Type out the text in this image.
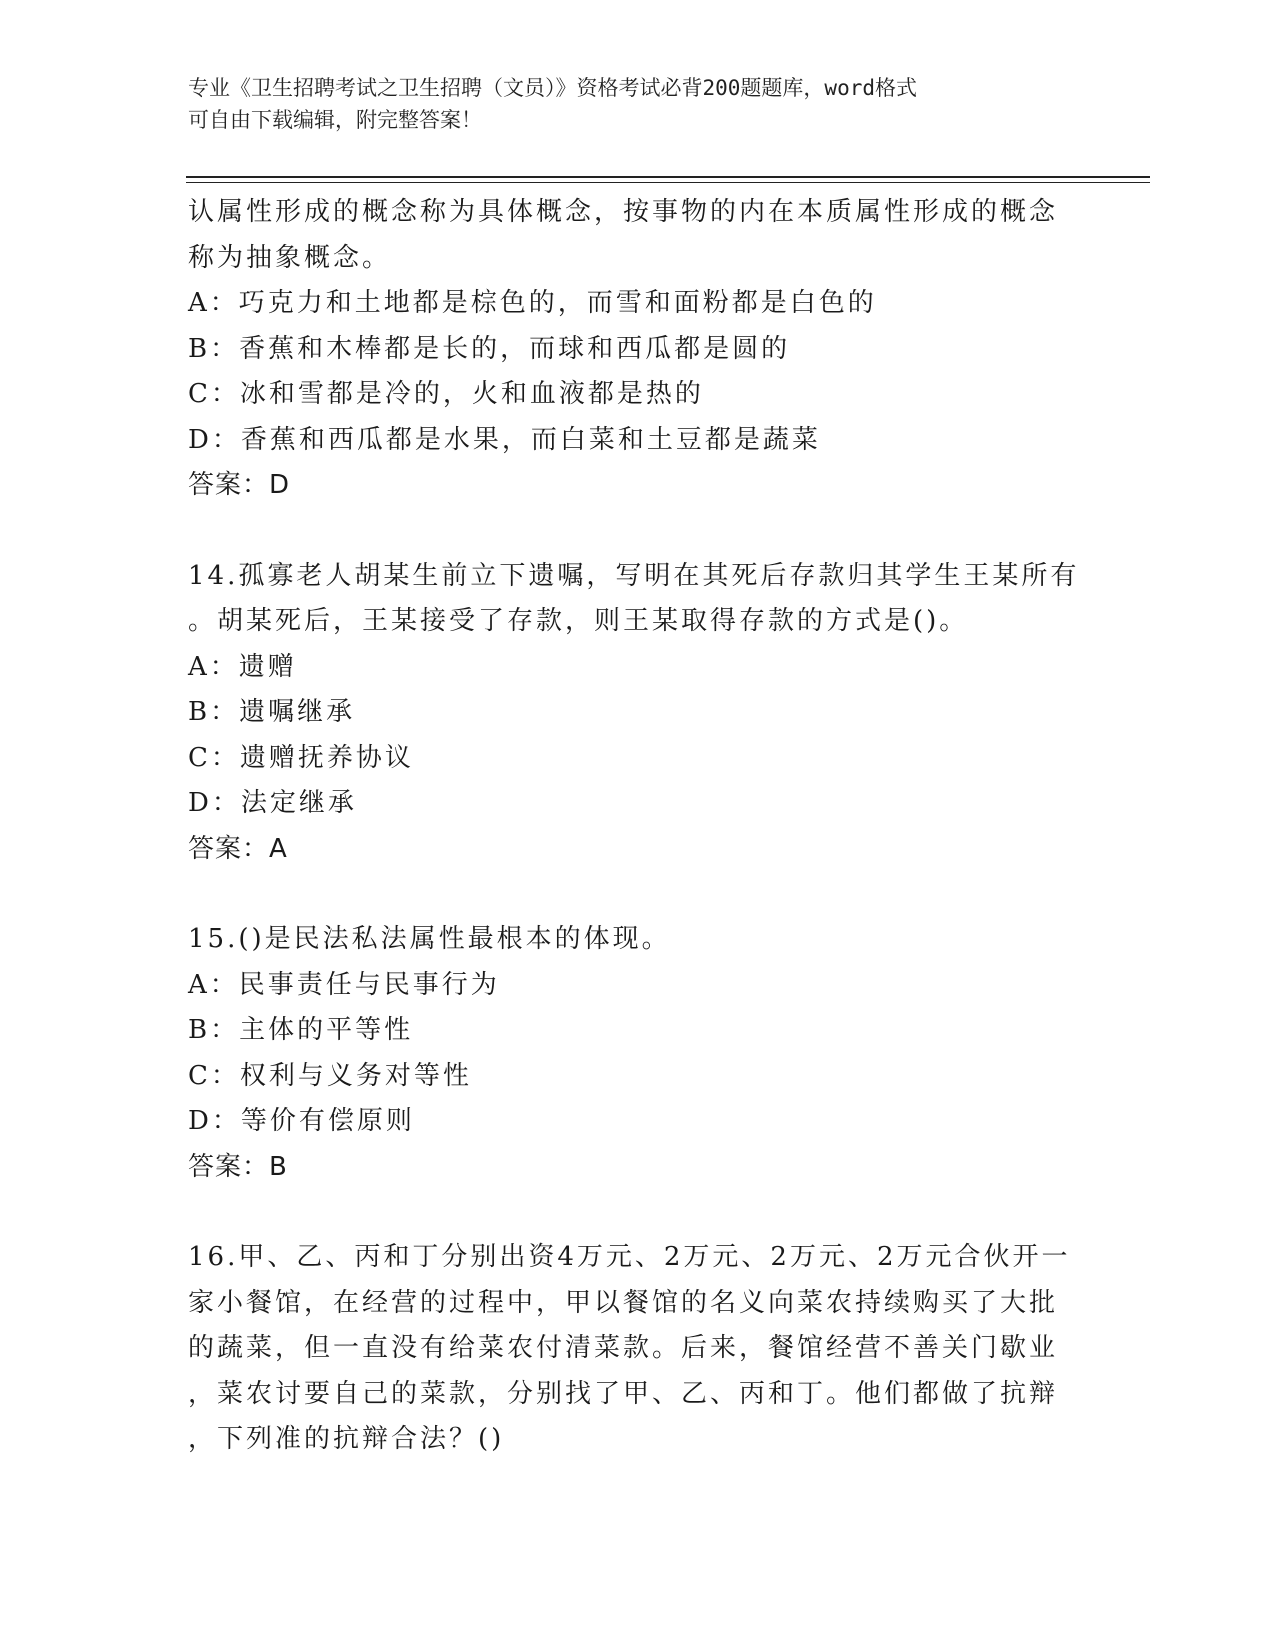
专业《卫生招聘考试之卫生招聘（文员）》资格考试必背200题题库，word格式
可自由下载编辑，附完整答案！
认属性形成的概念称为具体概念，按事物的内在本质属性形成的概念
称为抽象概念。
A：巧克力和土地都是棕色的，而雪和面粉都是白色的
B：香蕉和木棒都是长的，而球和西瓜都是圆的
C：冰和雪都是冷的，火和血液都是热的
D：香蕉和西瓜都是水果，而白菜和土豆都是蔬菜
答案：D
14.孤寡老人胡某生前立下遗嘱，写明在其死后存款归其学生王某所有
。胡某死后，王某接受了存款，则王某取得存款的方式是()。
A：遗赠
B：遗嘱继承
C：遗赠抚养协议
D：法定继承
答案：A
15.()是民法私法属性最根本的体现。
A：民事责任与民事行为
B：主体的平等性
C：权利与义务对等性
D：等价有偿原则
答案：B
16.甲、乙、丙和丁分别出资4万元、2万元、2万元、2万元合伙开一
家小餐馆，在经营的过程中，甲以餐馆的名义向菜农持续购买了大批
的蔬菜，但一直没有给菜农付清菜款。后来，餐馆经营不善关门歇业
，菜农讨要自己的菜款，分别找了甲、乙、丙和丁。他们都做了抗辩
，下列准的抗辩合法？()
